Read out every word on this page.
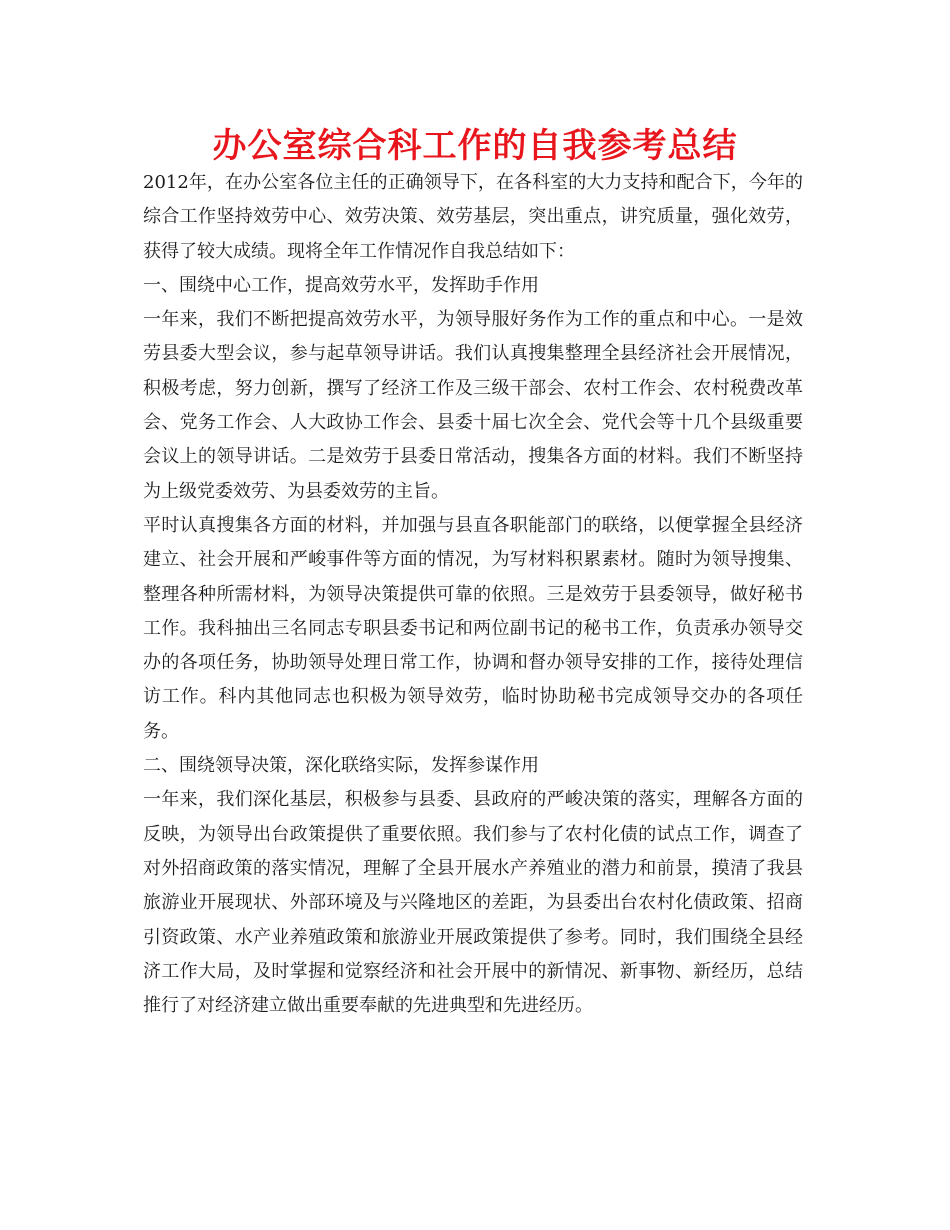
办公室综合科工作的自我参考总结

2012年，在办公室各位主任的正确领导下，在各科室的大力支持和配合下，今年的综合工作坚持效劳中心、效劳决策、效劳基层，突出重点，讲究质量，强化效劳，获得了较大成绩。现将全年工作情况作自我总结如下：

一、围绕中心工作，提高效劳水平，发挥助手作用

一年来，我们不断把提高效劳水平，为领导服好务作为工作的重点和中心。一是效劳县委大型会议，参与起草领导讲话。我们认真搜集整理全县经济社会开展情况，积极考虑，努力创新，撰写了经济工作及三级干部会、农村工作会、农村税费改革会、党务工作会、人大政协工作会、县委十届七次全会、党代会等十几个县级重要会议上的领导讲话。二是效劳于县委日常活动，搜集各方面的材料。我们不断坚持为上级党委效劳、为县委效劳的主旨。

平时认真搜集各方面的材料，并加强与县直各职能部门的联络，以便掌握全县经济建立、社会开展和严峻事件等方面的情况，为写材料积累素材。随时为领导搜集、整理各种所需材料，为领导决策提供可靠的依照。三是效劳于县委领导，做好秘书工作。我科抽出三名同志专职县委书记和两位副书记的秘书工作，负责承办领导交办的各项任务，协助领导处理日常工作，协调和督办领导安排的工作，接待处理信访工作。科内其他同志也积极为领导效劳，临时协助秘书完成领导交办的各项任务。

二、围绕领导决策，深化联络实际，发挥参谋作用

一年来，我们深化基层，积极参与县委、县政府的严峻决策的落实，理解各方面的反映，为领导出台政策提供了重要依照。我们参与了农村化债的试点工作，调查了对外招商政策的落实情况，理解了全县开展水产养殖业的潜力和前景，摸清了我县旅游业开展现状、外部环境及与兴隆地区的差距，为县委出台农村化债政策、招商引资政策、水产业养殖政策和旅游业开展政策提供了参考。同时，我们围绕全县经济工作大局，及时掌握和觉察经济和社会开展中的新情况、新事物、新经历，总结推行了对经济建立做出重要奉献的先进典型和先进经历。
